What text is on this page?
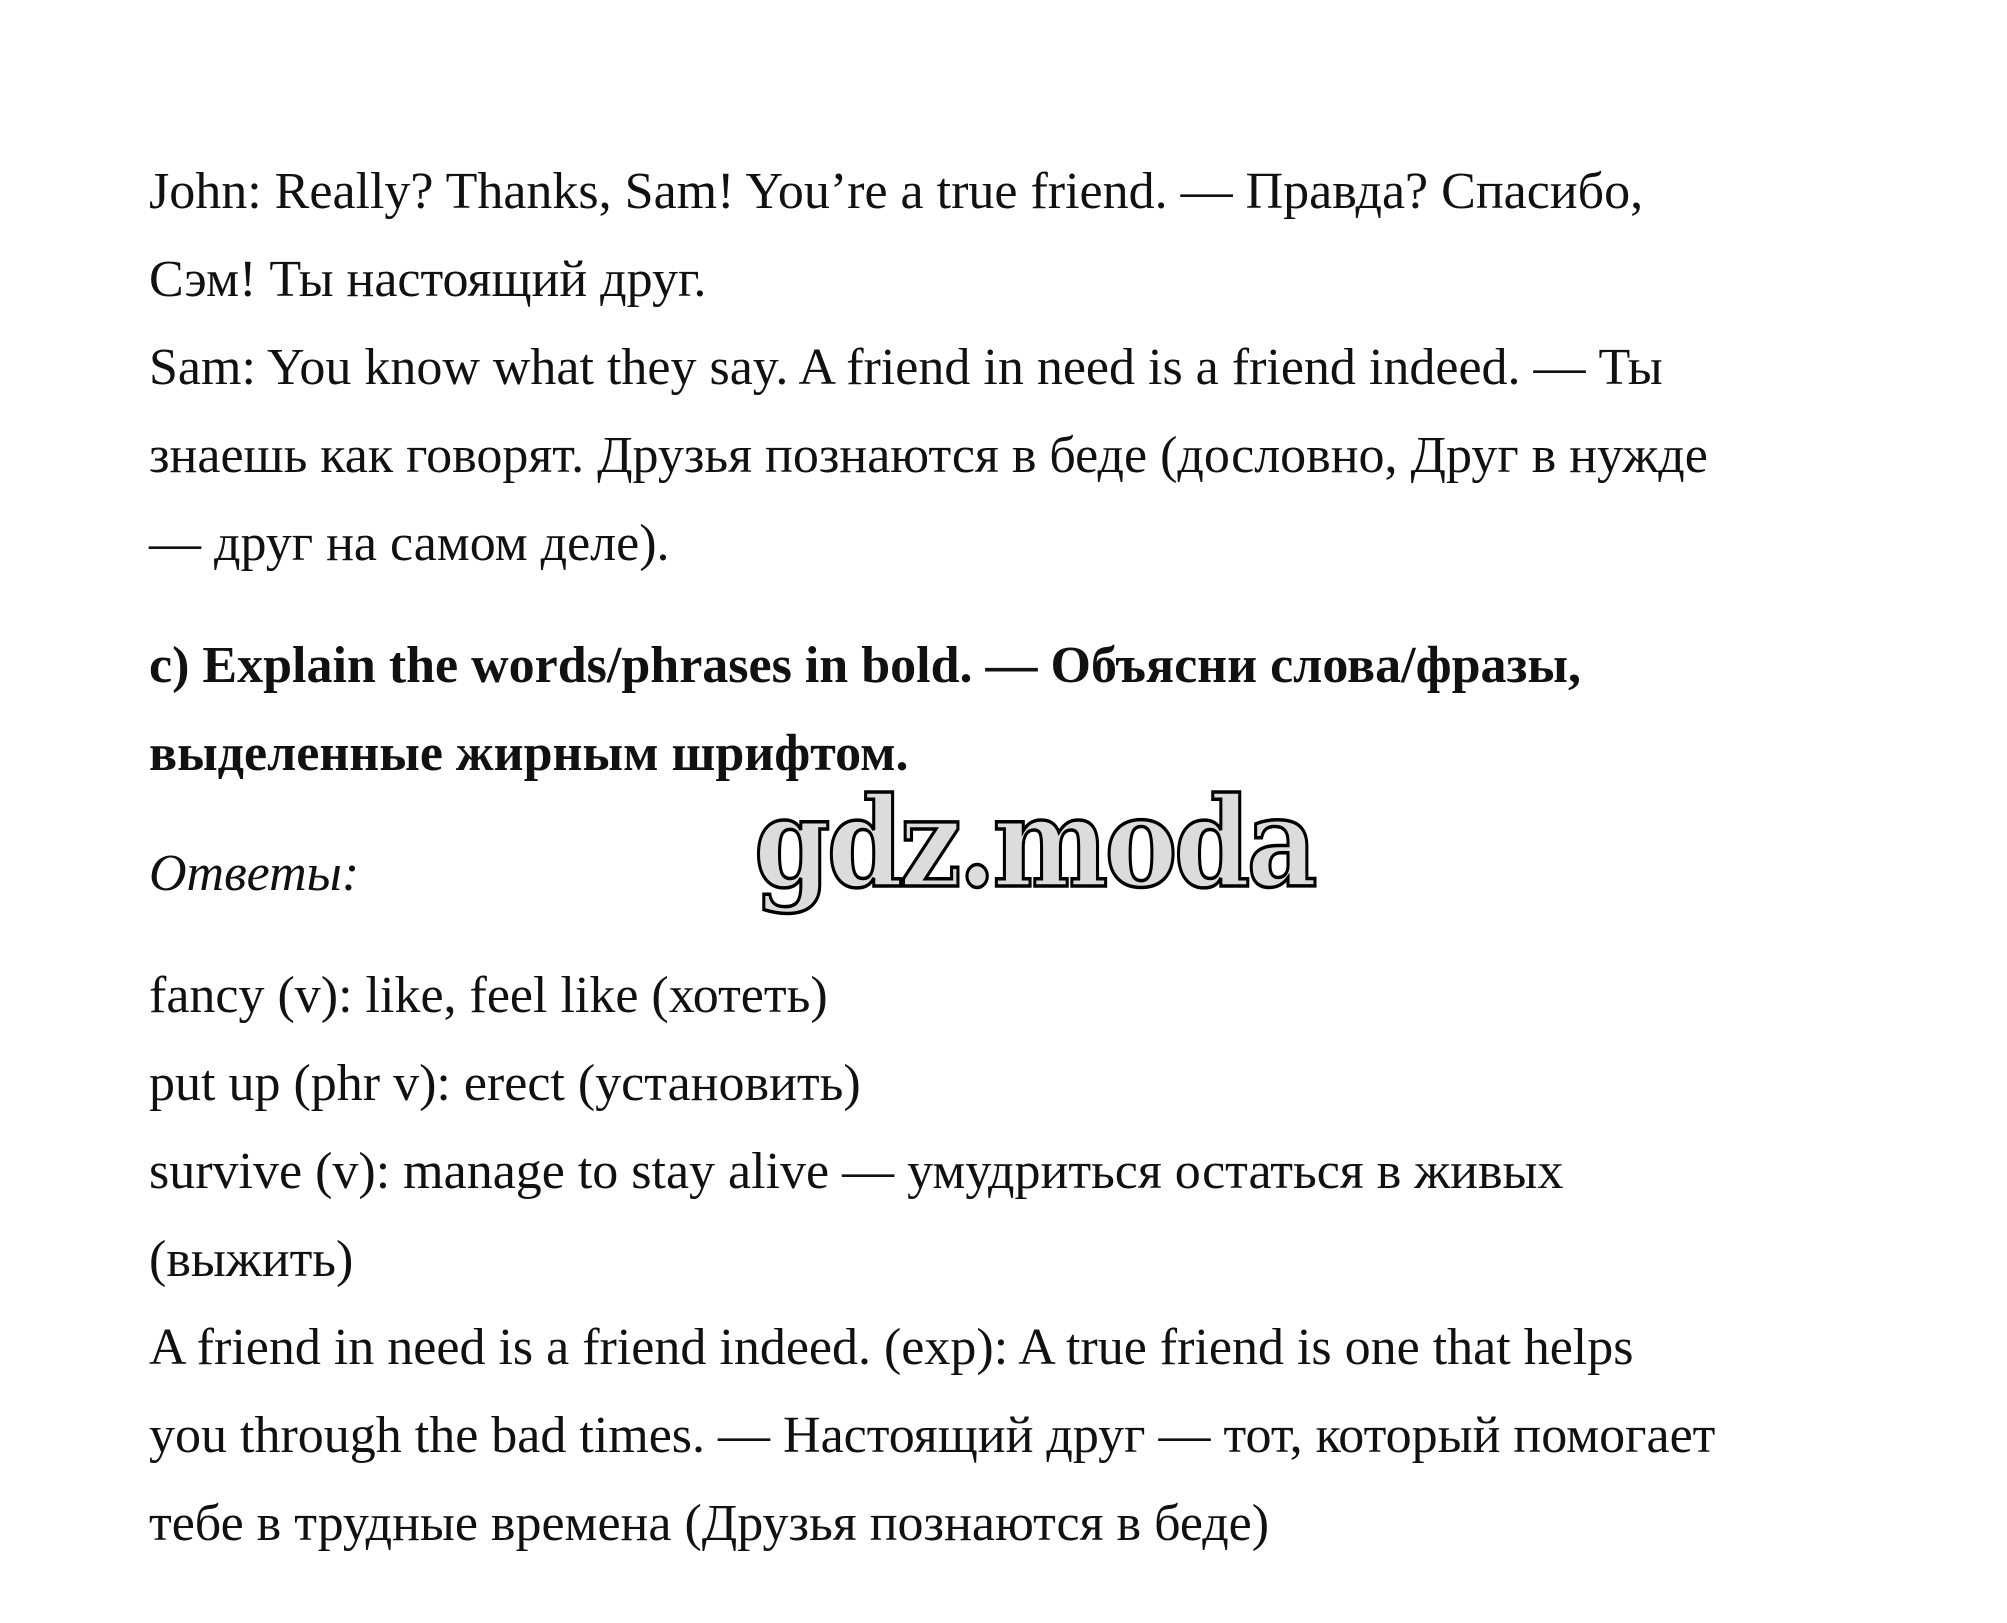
John: Really? Thanks, Sam! You’re a true friend. — Правда? Спасибо,
Сэм! Ты настоящий друг.
Sam: You know what they say. A friend in need is a friend indeed. — Ты
знаешь как говорят. Друзья познаются в беде (дословно, Друг в нужде
— друг на самом деле).
c) Explain the words/phrases in bold. — Объясни слова/фразы,
выделенные жирным шрифтом.
Ответы:	gdz.moda
fancy (v): like, feel like (хотеть)
put up (phr v): erect (установить)
survive (v): manage to stay alive — умудриться остаться в живых
(выжить)
A friend in need is a friend indeed. (exp): A true friend is one that helps
you through the bad times. — Настоящий друг — тот, который помогает
тебе в трудные времена (Друзья познаются в беде)
